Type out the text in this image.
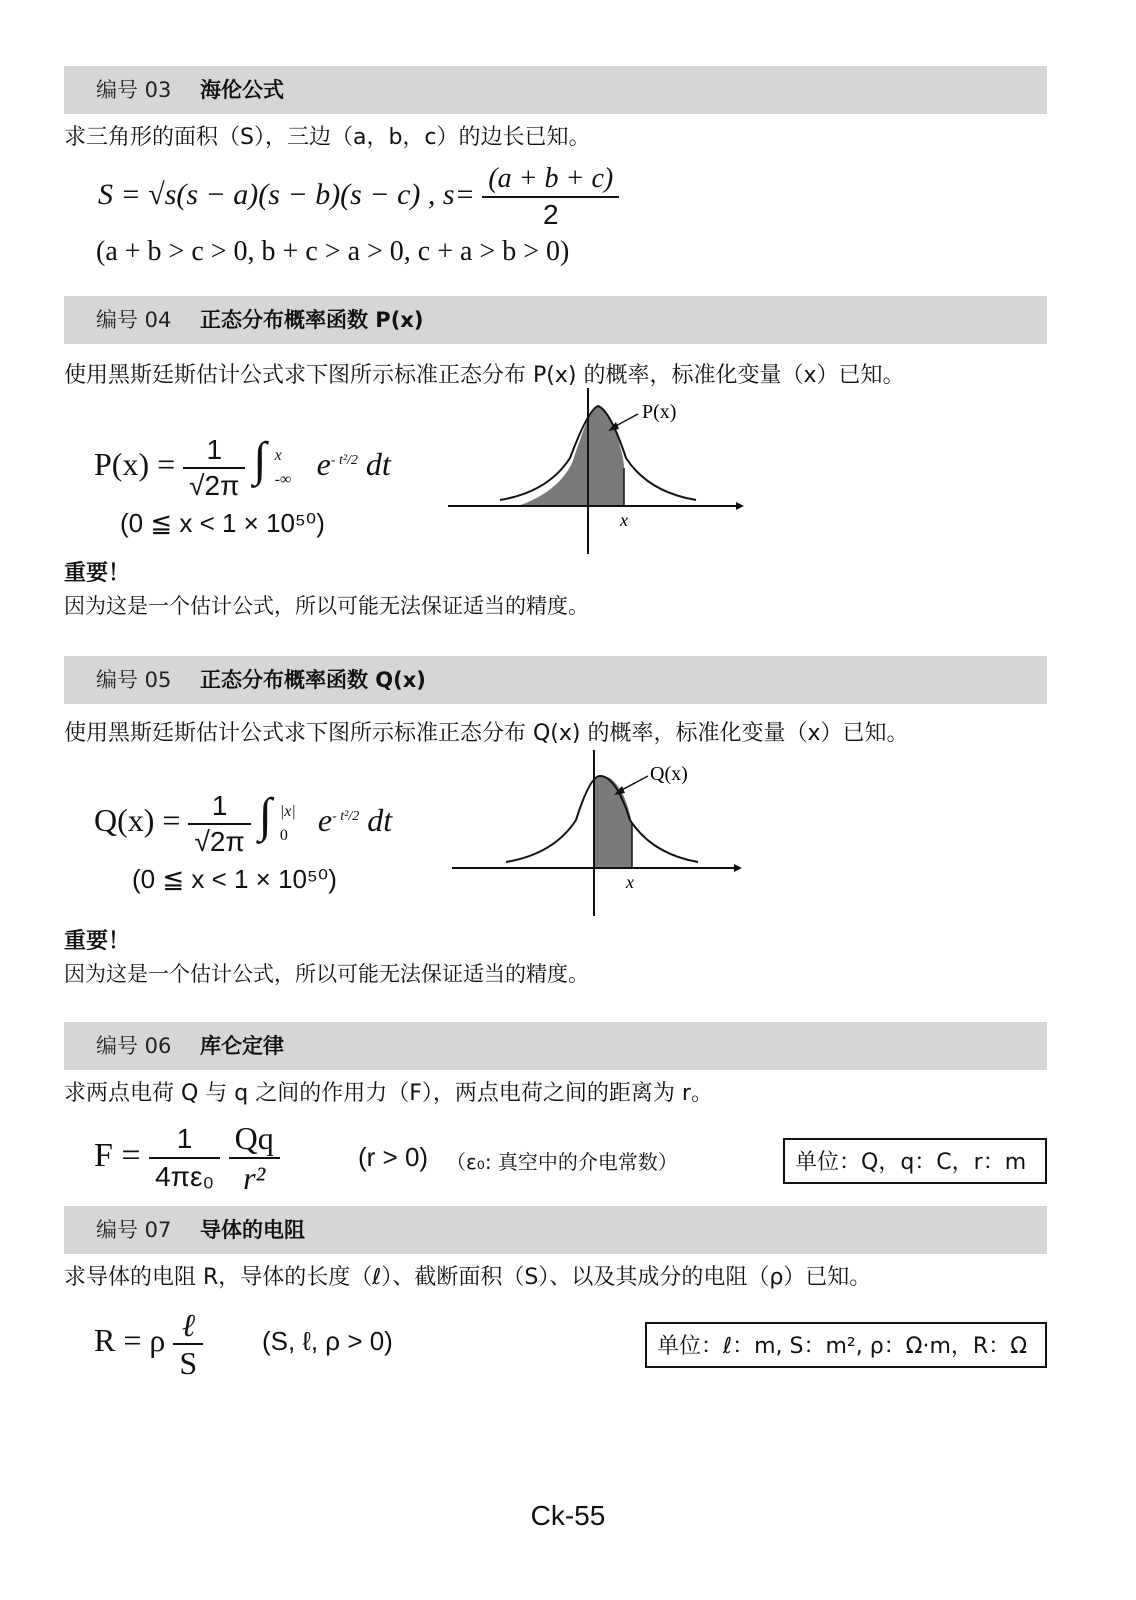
编号 03 海伦公式
求三角形的面积（S），三边（a，b，c）的边长已知。
S = √s(s − a)(s − b)(s − c) , $s= \frac{(a + b + c)}{2}$
(a + b > c > 0, b + c > a > 0, c + a > b > 0)
编号 04 正态分布概率函数 P(x)
使用黑斯廷斯估计公式求下图所示标准正态分布 P(x) 的概率，标准化变量（x）已知。
$P(x) = \frac{1}{√2\pi}$ ∫ x
-∞ $e^{- t^2/2}$ dt
(0 ≦ x < 1 × 10⁵⁰)
P(x)
x
重要！
因为这是一个估计公式，所以可能无法保证适当的精度。
编号 05 正态分布概率函数 Q(x)
使用黑斯廷斯估计公式求下图所示标准正态分布 Q(x) 的概率，标准化变量（x）已知。
$Q(x) = \frac{1}{√2\pi}$ ∫ |x|
0 $e^{- t^2/2}$ dt
(0 ≦ x < 1 × 10⁵⁰)
Q(x)
x
重要！
因为这是一个估计公式，所以可能无法保证适当的精度。
编号 06 库仑定律
求两点电荷 Q 与 q 之间的作用力（F），两点电荷之间的距离为 r。
$F = \frac{1}{\text{4πε₀}}$
$\frac{Qq}{\text{r²}}$	(r > 0) （ε₀: 真空中的介电常数）	单位：Q，q：C，r：m
编号 07 导体的电阻
求导体的电阻 R，导体的长度（ℓ）、截断面积（S）、以及其成分的电阻（ρ）已知。
R = ρ $\frac{\text{ℓ}}{S} (S$, ℓ, ρ > 0)	单位：ℓ：m, S：m², ρ：Ω·m，R：Ω
Ck-55
